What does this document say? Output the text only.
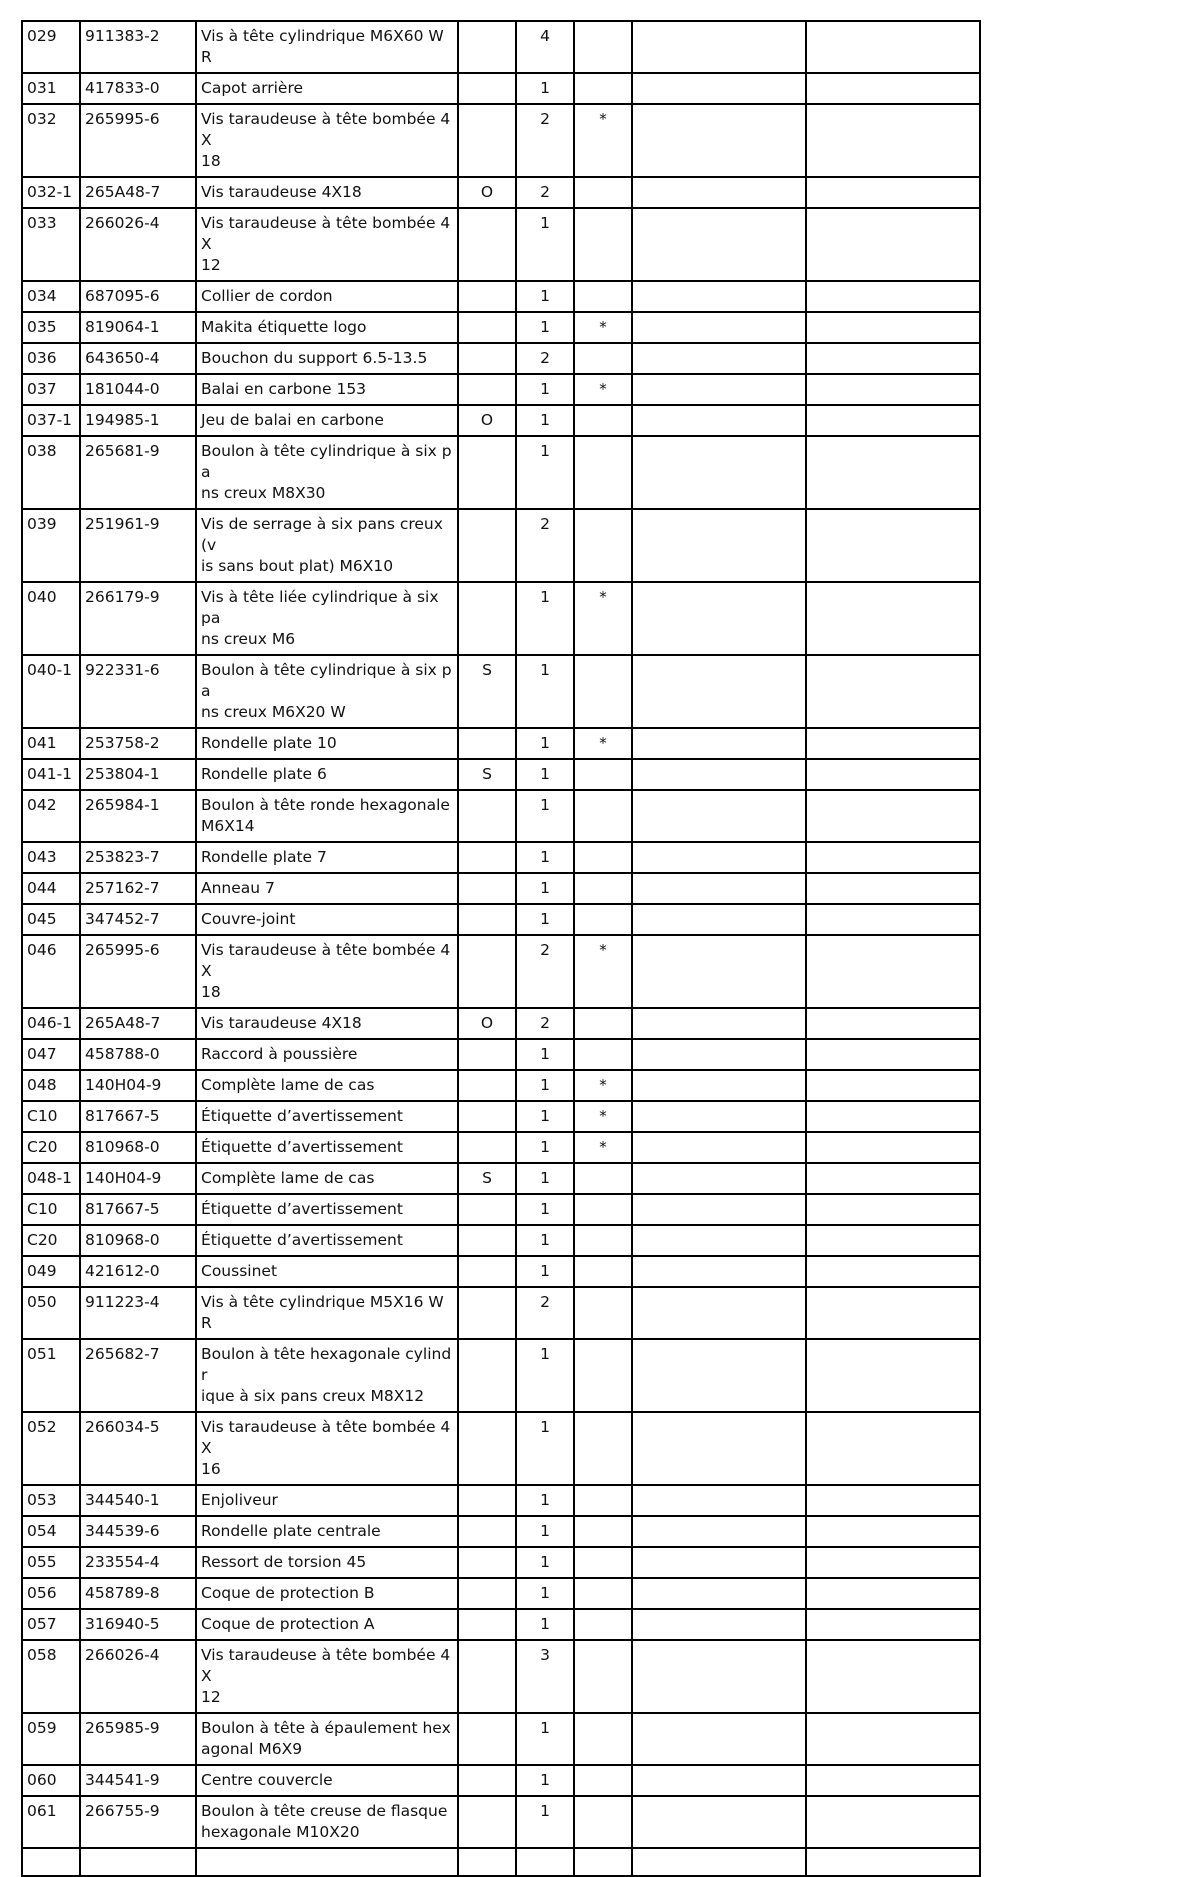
029	911383-2	Vis à tête cylindrique M6X60 WR		4			
031	417833-0	Capot arrière		1			
032	265995-6	Vis taraudeuse à tête bombée 4X
18		2	*		
032-1	265A48-7	Vis taraudeuse 4X18	O	2			
033	266026-4	Vis taraudeuse à tête bombée 4X
12		1			
034	687095-6	Collier de cordon		1			
035	819064-1	Makita étiquette logo		1	*		
036	643650-4	Bouchon du support 6.5-13.5		2			
037	181044-0	Balai en carbone 153		1	*		
037-1	194985-1	Jeu de balai en carbone	O	1			
038	265681-9	Boulon à tête cylindrique à six pa
ns creux M8X30		1			
039	251961-9	Vis de serrage à six pans creux (v
is sans bout plat) M6X10		2			
040	266179-9	Vis à tête liée cylindrique à six pa
ns creux M6		1	*		
040-1	922331-6	Boulon à tête cylindrique à six pa
ns creux M6X20 W	S	1			
041	253758-2	Rondelle plate 10		1	*		
041-1	253804-1	Rondelle plate 6	S	1			
042	265984-1	Boulon à tête ronde hexagonale
M6X14		1			
043	253823-7	Rondelle plate 7		1			
044	257162-7	Anneau 7		1			
045	347452-7	Couvre-joint		1			
046	265995-6	Vis taraudeuse à tête bombée 4X
18		2	*		
046-1	265A48-7	Vis taraudeuse 4X18	O	2			
047	458788-0	Raccord à poussière		1			
048	140H04-9	Complète lame de cas		1	*		
C10	817667-5	Étiquette d’avertissement		1	*		
C20	810968-0	Étiquette d’avertissement		1	*		
048-1	140H04-9	Complète lame de cas	S	1			
C10	817667-5	Étiquette d’avertissement		1			
C20	810968-0	Étiquette d’avertissement		1			
049	421612-0	Coussinet		1			
050	911223-4	Vis à tête cylindrique M5X16 WR		2			
051	265682-7	Boulon à tête hexagonale cylindr
ique à six pans creux M8X12		1			
052	266034-5	Vis taraudeuse à tête bombée 4X
16		1			
053	344540-1	Enjoliveur		1			
054	344539-6	Rondelle plate centrale		1			
055	233554-4	Ressort de torsion 45		1			
056	458789-8	Coque de protection B		1			
057	316940-5	Coque de protection A		1			
058	266026-4	Vis taraudeuse à tête bombée 4X
12		3			
059	265985-9	Boulon à tête à épaulement hex
agonal M6X9		1			
060	344541-9	Centre couvercle		1			
061	266755-9	Boulon à tête creuse de flasque
hexagonale M10X20		1			
